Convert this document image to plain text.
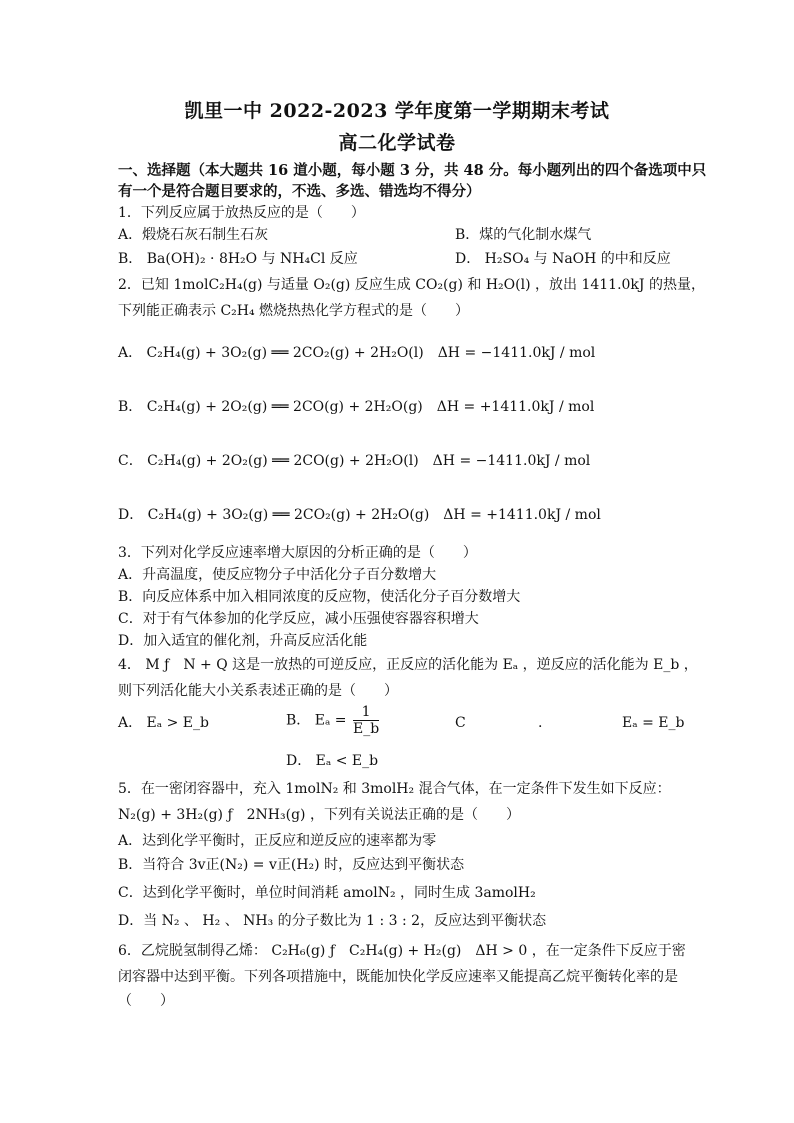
凯里一中 2022-2023 学年度第一学期期末考试
高二化学试卷
一、选择题（本大题共 16 道小题，每小题 3 分，共 48 分。每小题列出的四个备选项中只
有一个是符合题目要求的，不选、多选、错选均不得分）
1．下列反应属于放热反应的是（　　）
A．煅烧石灰石制生石灰	B．煤的气化制水煤气
B． Ba(OH)₂ · 8H₂O 与 NH₄Cl 反应	D． H₂SO₄ 与 NaOH 的中和反应
2．已知 1molC₂H₄(g) 与适量 O₂(g) 反应生成 CO₂(g) 和 H₂O(l) ，放出 1411.0kJ 的热量，
下列能正确表示 C₂H₄ 燃烧热热化学方程式的是（　　）
A． C₂H₄(g) + 3O₂(g) ══ 2CO₂(g) + 2H₂O(l)　ΔH = −1411.0kJ / mol
B． C₂H₄(g) + 2O₂(g) ══ 2CO(g) + 2H₂O(g)　ΔH = +1411.0kJ / mol
C． C₂H₄(g) + 2O₂(g) ══ 2CO(g) + 2H₂O(l)　ΔH = −1411.0kJ / mol
D． C₂H₄(g) + 3O₂(g) ══ 2CO₂(g) + 2H₂O(g)　ΔH = +1411.0kJ / mol
3．下列对化学反应速率增大原因的分析正确的是（　　）
A．升高温度，使反应物分子中活化分子百分数增大
B．向反应体系中加入相同浓度的反应物，使活化分子百分数增大
C．对于有气体参加的化学反应，减小压强使容器容积增大
D．加入适宜的催化剂，升高反应活化能
4． M ƒ　N + Q 这是一放热的可逆反应，正反应的活化能为 Eₐ ，逆反应的活化能为 E_b ，
则下列活化能大小关系表述正确的是（　　）
A． Eₐ > E_b	B． $E_a = \frac{1}{E\_b}$	C	.	Eₐ = E_b
D． Eₐ < E_b
5．在一密闭容器中，充入 1molN₂ 和 3molH₂ 混合气体，在一定条件下发生如下反应：
N₂(g) + 3H₂(g) ƒ　2NH₃(g) ，下列有关说法正确的是（　　）
A．达到化学平衡时，正反应和逆反应的速率都为零
B．当符合 3v正(N₂) = v正(H₂) 时，反应达到平衡状态
C．达到化学平衡时，单位时间消耗 amolN₂ ，同时生成 3amolH₂
D．当 N₂ 、 H₂ 、 NH₃ 的分子数比为 1 : 3 : 2，反应达到平衡状态
6．乙烷脱氢制得乙烯： C₂H₆(g) ƒ　C₂H₄(g) + H₂(g)　ΔH > 0 ，在一定条件下反应于密
闭容器中达到平衡。下列各项措施中，既能加快化学反应速率又能提高乙烷平衡转化率的是
（　　）
